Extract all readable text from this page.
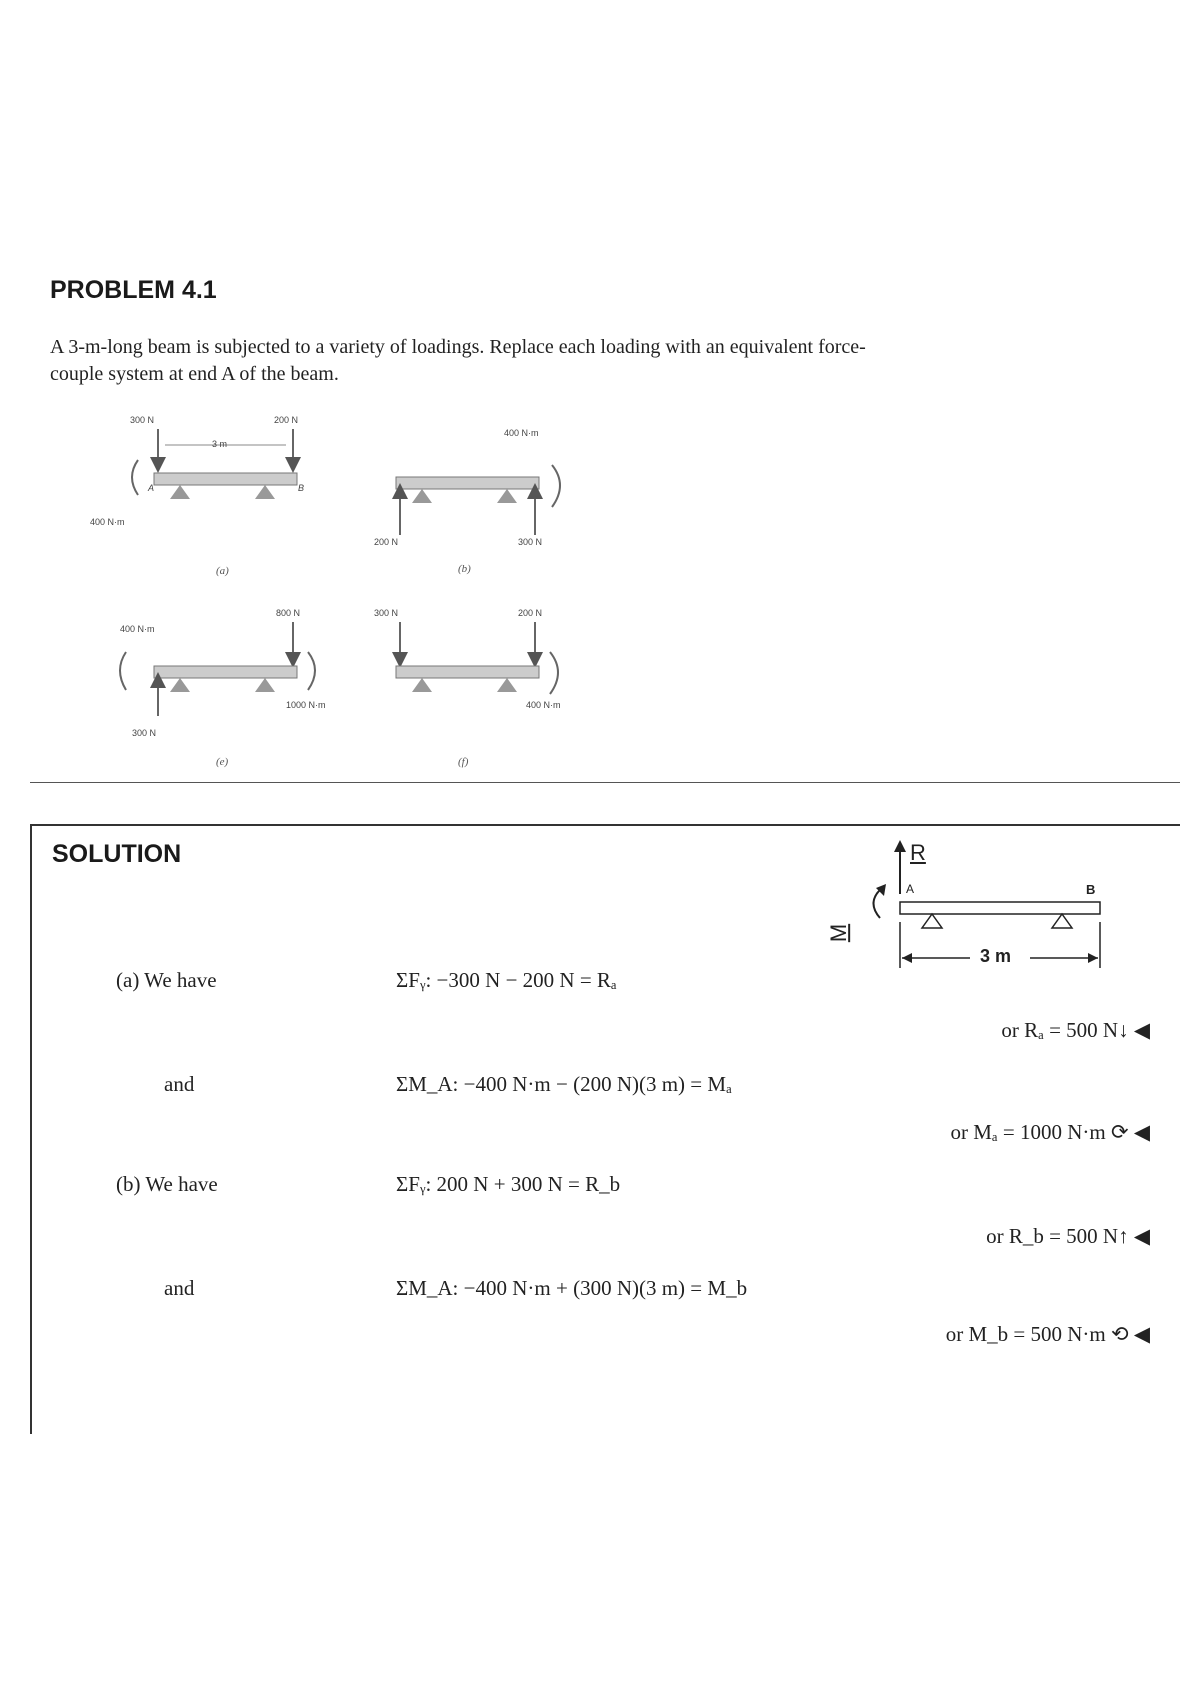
PROBLEM 4.1
A 3-m-long beam is subjected to a variety of loadings. Replace each loading with an equivalent force-
couple system at end A of the beam.
300 N	200 N
3 m
A	B
400 N·m
(a)
400 N·m
200 N	300 N
(b)
400 N·m
800 N
1000 N·m
300 N
(e)
300 N	200 N
400 N·m
(f)
SOLUTION	R
A	B
M
3 m
(a) We have	ΣFᵧ: −300 N − 200 N = Rₐ
or Rₐ = 500 N↓ ◀
and	ΣM_A: −400 N·m − (200 N)(3 m) = Mₐ
or Mₐ = 1000 N·m ⟳ ◀
(b) We have	ΣFᵧ: 200 N + 300 N = R_b
or R_b = 500 N↑ ◀
and	ΣM_A: −400 N·m + (300 N)(3 m) = M_b
or M_b = 500 N·m ⟲ ◀
